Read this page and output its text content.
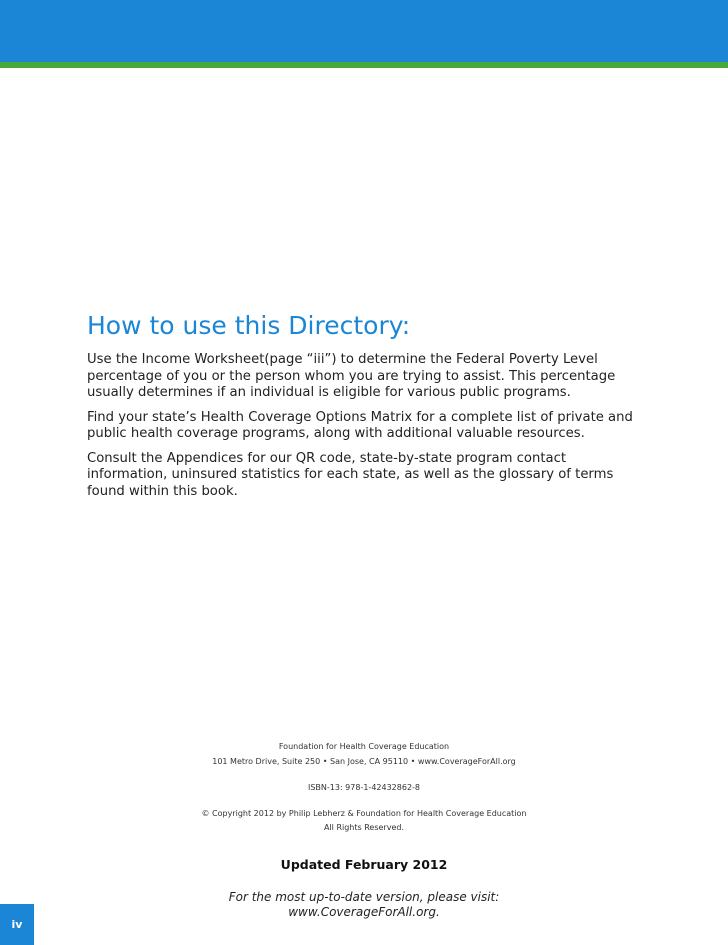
How to use this Directory:

Use the Income Worksheet(page “iii”) to determine the Federal Poverty Level percentage of you or the person whom you are trying to assist. This percentage usually determines if an individual is eligible for various public programs.

Find your state’s Health Coverage Options Matrix for a complete list of private and public health coverage programs, along with additional valuable resources.

Consult the Appendices for our QR code, state-by-state program contact information, uninsured statistics for each state, as well as the glossary of terms found within this book.

Foundation for Health Coverage Education
101 Metro Drive, Suite 250 • San Jose, CA 95110 • www.CoverageForAll.org
ISBN-13: 978-1-42432862-8
© Copyright 2012 by Philip Lebherz & Foundation for Health Coverage Education
All Rights Reserved.
Updated February 2012
For the most up-to-date version, please visit:
www.CoverageForAll.org.
iv
